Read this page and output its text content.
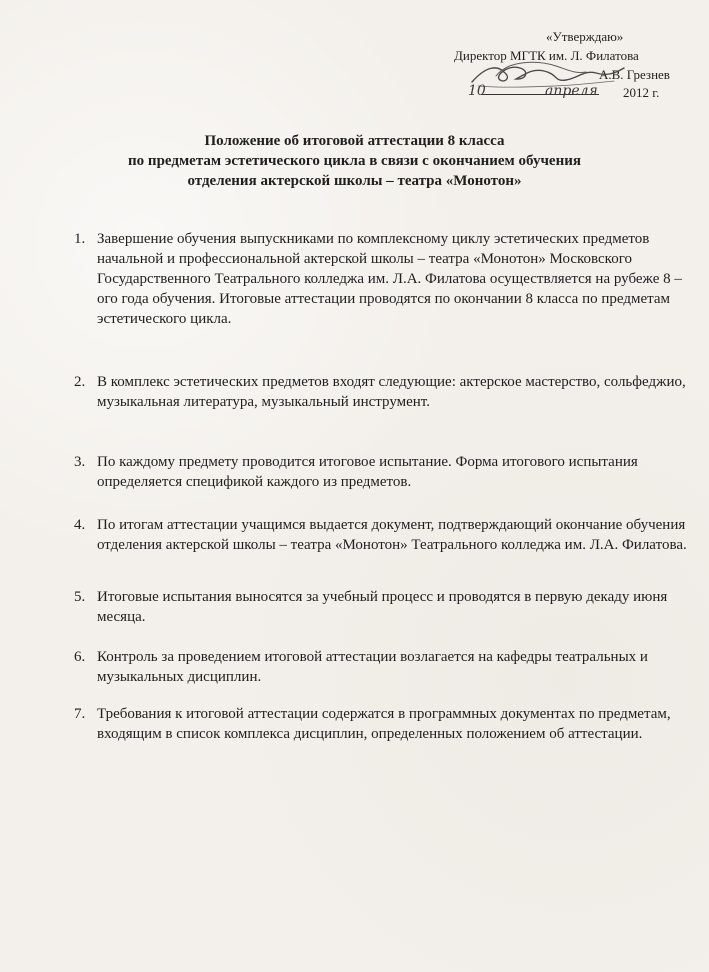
«Утверждаю»
Директор МГТК им. Л. Филатова
А.В. Грезнев
10	апреля 2012 г.
Положение об итоговой аттестации 8 класса
по предметам эстетического цикла в связи с окончанием обучения
отделения актерской школы – театра «Монотон»
1. Завершение обучения выпускниками по комплексному циклу эстетических предметов начальной и профессиональной актерской школы – театра «Монотон» Московского Государственного Театрального колледжа им. Л.А. Филатова осуществляется на рубеже 8 – ого года обучения. Итоговые аттестации проводятся по окончании 8 класса по предметам эстетического цикла.
2. В комплекс эстетических предметов входят следующие: актерское мастерство, сольфеджио, музыкальная литература, музыкальный инструмент.
3. По каждому предмету проводится итоговое испытание. Форма итогового испытания определяется спецификой каждого из предметов.
4. По итогам аттестации учащимся выдается документ, подтверждающий окончание обучения отделения актерской школы – театра «Монотон» Театрального колледжа им. Л.А. Филатова.
5. Итоговые испытания выносятся за учебный процесс и проводятся в первую декаду июня месяца.
6. Контроль за проведением итоговой аттестации возлагается на кафедры театральных и музыкальных дисциплин.
7. Требования к итоговой аттестации содержатся в программных документах по предметам, входящим в список комплекса дисциплин, определенных положением об аттестации.
